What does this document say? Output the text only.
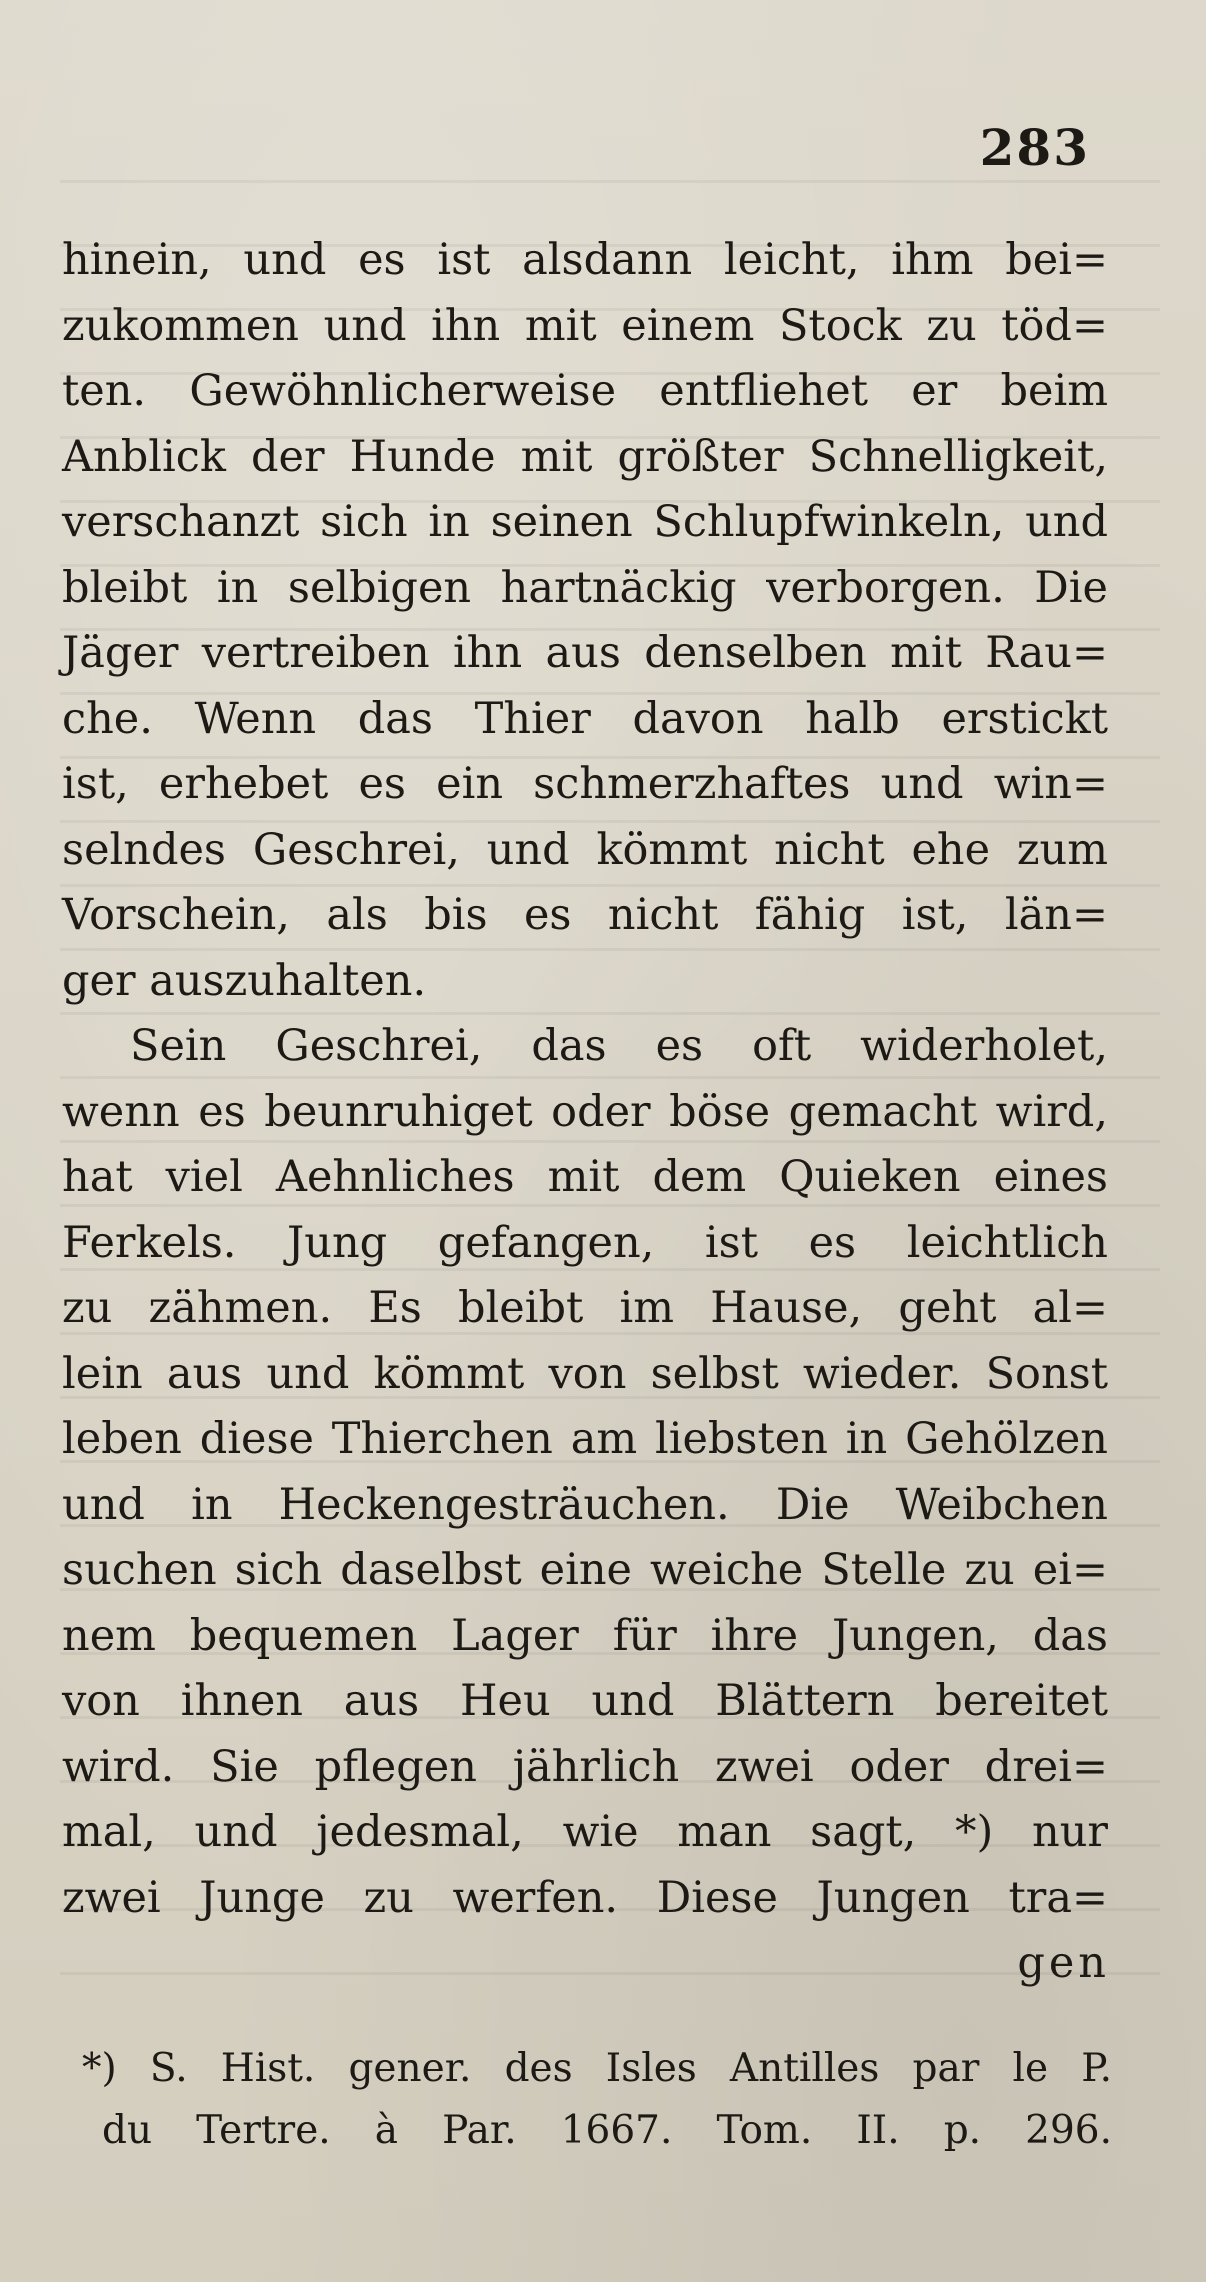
283
hinein, und es ist alsdann leicht, ihm bei=
zukommen und ihn mit einem Stock zu töd=
ten. Gewöhnlicherweise entfliehet er beim
Anblick der Hunde mit größter Schnelligkeit,
verschanzt sich in seinen Schlupfwinkeln, und
bleibt in selbigen hartnäckig verborgen. Die
Jäger vertreiben ihn aus denselben mit Rau=
che. Wenn das Thier davon halb erstickt
ist, erhebet es ein schmerzhaftes und win=
selndes Geschrei, und kömmt nicht ehe zum
Vorschein, als bis es nicht fähig ist, län=
ger auszuhalten.
Sein Geschrei, das es oft widerholet,
wenn es beunruhiget oder böse gemacht wird,
hat viel Aehnliches mit dem Quieken eines
Ferkels. Jung gefangen, ist es leichtlich
zu zähmen. Es bleibt im Hause, geht al=
lein aus und kömmt von selbst wieder. Sonst
leben diese Thierchen am liebsten in Gehölzen
und in Heckengesträuchen. Die Weibchen
suchen sich daselbst eine weiche Stelle zu ei=
nem bequemen Lager für ihre Jungen, das
von ihnen aus Heu und Blättern bereitet
wird. Sie pflegen jährlich zwei oder drei=
mal, und jedesmal, wie man sagt, *) nur
zwei Junge zu werfen. Diese Jungen tra=
gen
*) S. Hist. gener. des Isles Antilles par le P.
du Tertre. à Par. 1667. Tom. II. p. 296.
